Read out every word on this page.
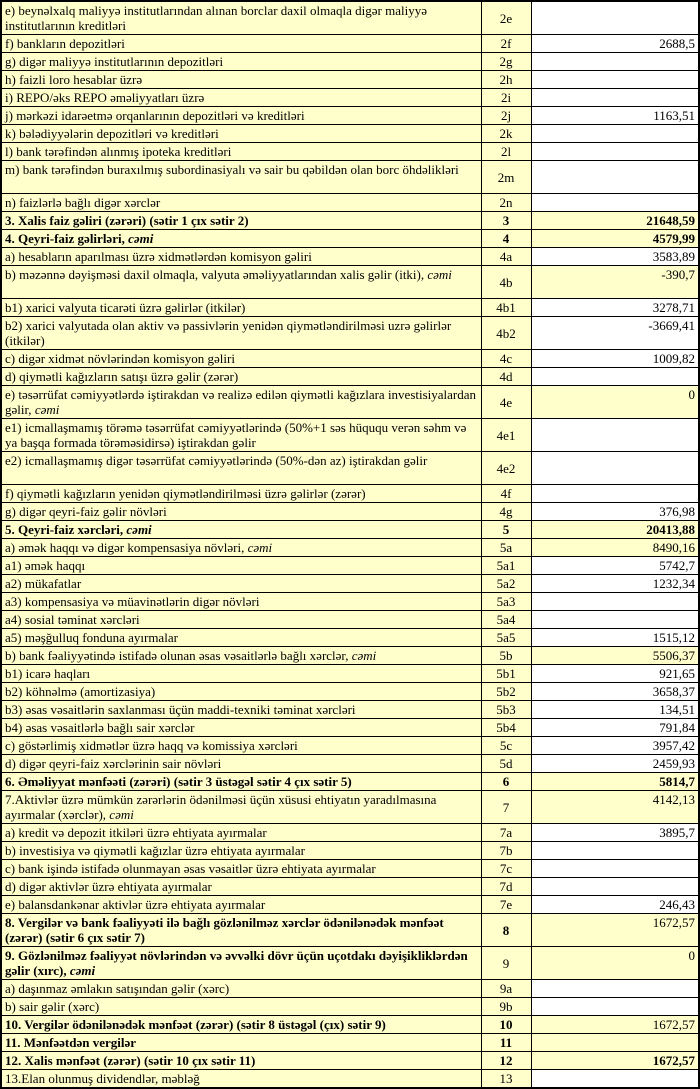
e) beynəlxalq maliyyə institutlarından alınan borclar daxil olmaqla digər maliyyə institutlarının kreditləri	2e	
f) bankların depozitləri	2f	2688,5
g) digər maliyyə institutlarının depozitləri	2g	
h) faizli loro hesablar üzrə	2h	
i) REPO/əks REPO əməliyyatları üzrə	2i	
j) mərkəzi idarəetmə orqanlarının depozitləri və kreditləri	2j	1163,51
k) bələdiyyələrin depozitləri və kreditləri	2k	
l) bank tərəfindən alınmış ipoteka kreditləri	2l	
m) bank tərəfindən buraxılmış subordinasiyalı və sair bu qəbildən olan borc öhdəlikləri	2m	
n) faizlərlə bağlı digər xərclər	2n	
3. Xalis faiz gəliri (zərəri) (sətir 1 çıx sətir 2)	3	21648,59
4. Qeyri-faiz gəlirləri, cəmi	4	4579,99
a) hesabların aparılması üzrə xidmətlərdən komisyon gəliri	4a	3583,89
b) məzənnə dəyişməsi daxil olmaqla, valyuta əməliyyatlarından xalis gəlir (itki), cəmi	4b	-390,7
b1) xarici valyuta ticarəti üzrə gəlirlər (itkilər)	4b1	3278,71
b2) xarici valyutada olan aktiv və passivlərin yenidən qiymətləndirilməsi uzrə gəlirlər (itkilər)	4b2	-3669,41
c) digər xidmət növlərindən komisyon gəliri	4c	1009,82
d) qiymətli kağızların satışı üzrə gəlir (zərər)	4d	
e) təsərrüfat cəmiyyətlərdə iştirakdan və realizə edilən qiymətli kağızlara investisiyalardan gəlir, cəmi	4e	0
e1) icmallaşmamış törəmə təsərrüfat cəmiyyətlərində (50%+1 səs hüququ verən səhm və ya başqa formada törəməsidirsə) iştirakdan gəlir	4e1	
e2) icmallaşmamış digər təsərrüfat cəmiyyətlərində (50%-dən az) iştirakdan gəlir	4e2	
f) qiymətli kağızların yenidən qiymətləndirilməsi üzrə gəlirlər (zərər)	4f	
g) digər qeyri-faiz gəlir növləri	4g	376,98
5. Qeyri-faiz xərcləri, cəmi	5	20413,88
a) əmək haqqı və digər kompensasiya növləri, cəmi	5a	8490,16
a1) əmək haqqı	5a1	5742,7
a2) mükafatlar	5a2	1232,34
a3) kompensasiya və müavinətlərin digər növləri	5a3	
a4) sosial təminat xərcləri	5a4	
a5) məşğulluq fonduna ayırmalar	5a5	1515,12
b) bank fəaliyyətində istifadə olunan əsas vəsaitlərlə bağlı xərclər, cəmi	5b	5506,37
b1) icarə haqları	5b1	921,65
b2) köhnəlmə (amortizasiya)	5b2	3658,37
b3) əsas vəsaitlərin saxlanması üçün maddi-texniki təminat xərcləri	5b3	134,51
b4) əsas vəsaitlərlə bağlı sair xərclər	5b4	791,84
c) göstərlimiş xidmətlər üzrə haqq və komissiya xərcləri	5c	3957,42
d) digər qeyri-faiz xərclərinin sair növləri	5d	2459,93
6. Əməliyyat mənfəəti (zərəri) (sətir 3 üstəgəl sətir 4 çıx sətir 5)	6	5814,7
7.Aktivlər üzrə mümkün zərərlərin ödənilməsi üçün xüsusi ehtiyatın yaradılmasına ayırmalar (xərclər), cəmi	7	4142,13
a) kredit və depozit itkiləri üzrə ehtiyata ayırmalar	7a	3895,7
b) investisiya və qiymətli kağızlar üzrə ehtiyata ayırmalar	7b	
c) bank işində istifadə olunmayan əsas vəsaitlər üzrə ehtiyata ayırmalar	7c	
d) digər aktivlər üzrə ehtiyata ayırmalar	7d	
e) balansdankənar aktivlər üzrə ehtiyata ayırmalar	7e	246,43
8. Vergilər və bank fəaliyyəti ilə bağlı gözlənilməz xərclər ödənilənədək mənfəət (zərər) (sətir 6 çıx sətir 7)	8	1672,57
9. Gözlənilməz fəaliyyət növlərindən və əvvəlki dövr üçün uçotdakı dəyişikliklərdən gəlir (xırc), cəmi	9	0
a) daşınmaz əmlakın satışından gəlir (xərc)	9a	
b) sair gəlir (xərc)	9b	
10. Vergilər ödənilənədək mənfəət (zərər) (sətir 8 üstəgəl (çıx) sətir 9)	10	1672,57
11. Mənfəətdən vergilər	11	
12. Xalis mənfəət (zərər) (sətir 10 çıx sətir 11)	12	1672,57
13.Elan olunmuş dividendlər, məbləğ	13	
